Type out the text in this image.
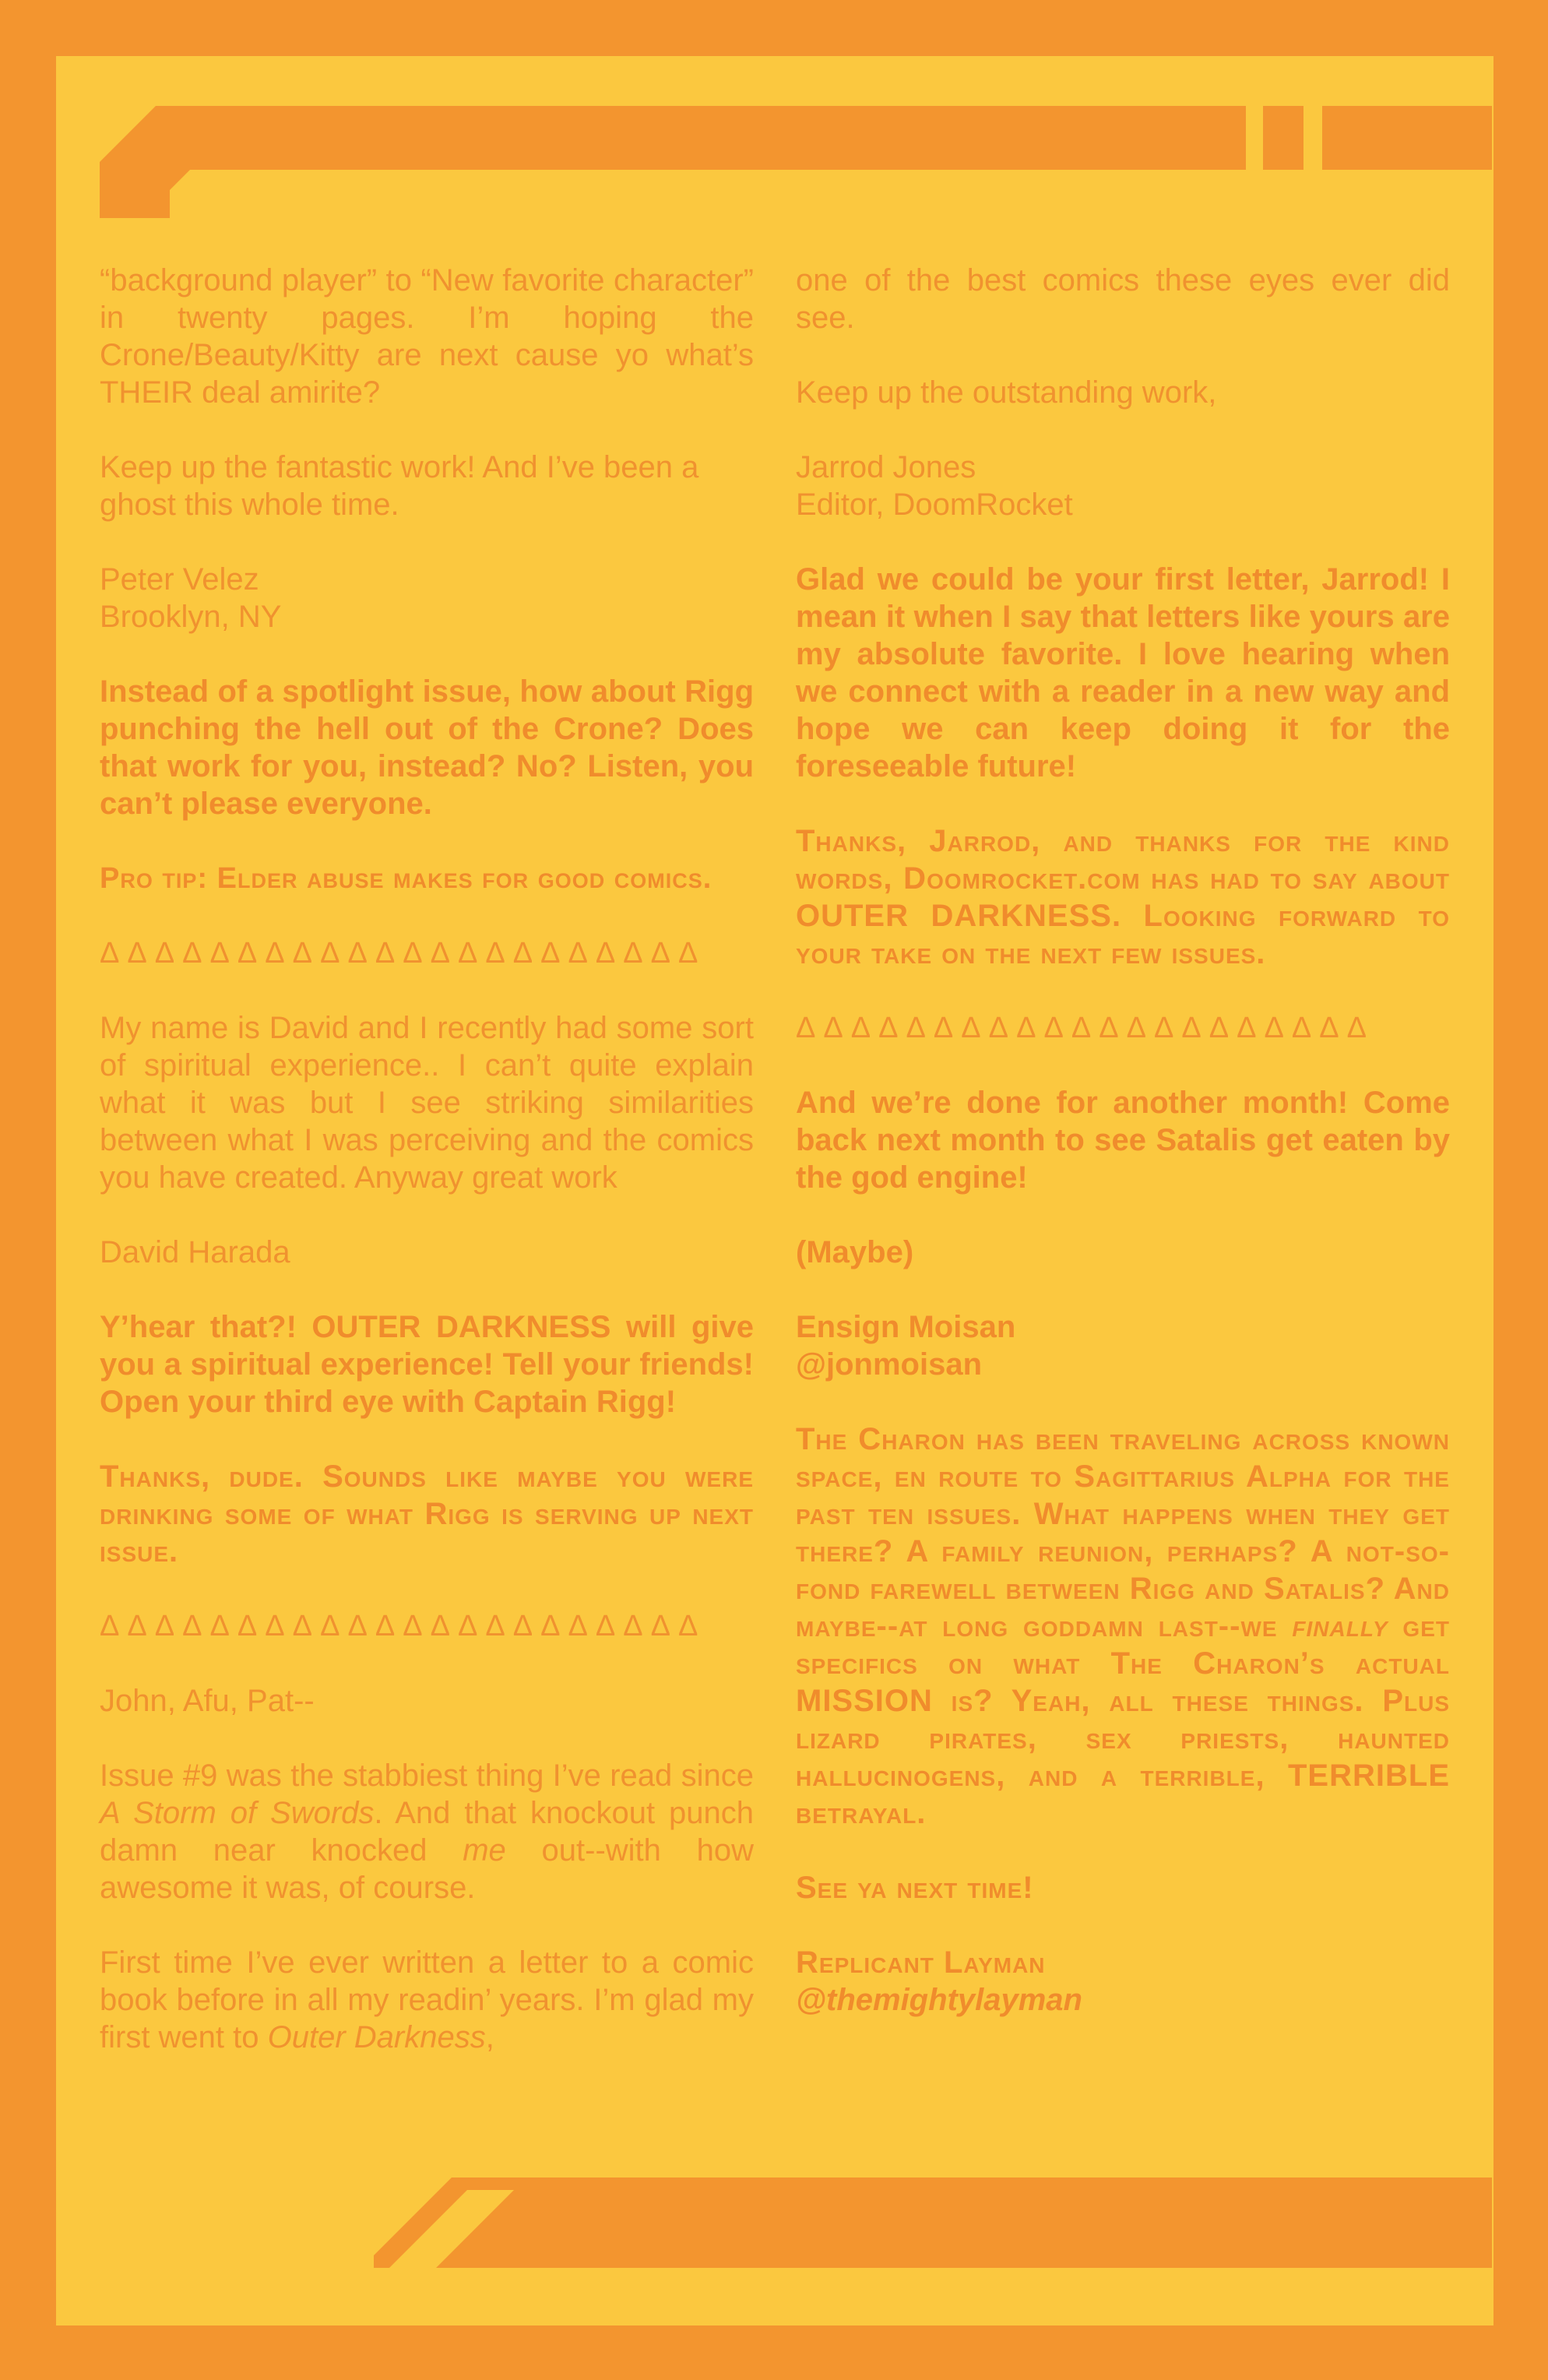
“background player” to “New favorite character” in twenty pages. I’m hoping the Crone/Beauty/Kitty are next cause yo what’s THEIR deal amirite?

Keep up the fantastic work! And I’ve been a ghost this whole time.

Peter Velez
Brooklyn, NY

Instead of a spotlight issue, how about Rigg punching the hell out of the Crone? Does that work for you, instead? No? Listen, you can’t please everyone.

Pro tip: Elder abuse makes for good comics.

ΔΔΔΔΔΔΔΔΔΔΔΔΔΔΔΔΔΔΔΔΔΔ

My name is David and I recently had some sort of spiritual experience.. I can’t quite explain what it was but I see striking similarities between what I was perceiving and the comics you have created. Anyway great work

David Harada

Y’hear that?! OUTER DARKNESS will give you a spiritual experience! Tell your friends! Open your third eye with Captain Rigg!

Thanks, dude. Sounds like maybe you were drinking some of what Rigg is serving up next issue.

ΔΔΔΔΔΔΔΔΔΔΔΔΔΔΔΔΔΔΔΔΔΔ

John, Afu, Pat--

Issue #9 was the stabbiest thing I’ve read since A Storm of Swords. And that knockout punch damn near knocked me out--with how awesome it was, of course.

First time I’ve ever written a letter to a comic book before in all my readin’ years. I’m glad my first went to Outer Darkness,

one of the best comics these eyes ever did see.

Keep up the outstanding work,

Jarrod Jones
Editor, DoomRocket

Glad we could be your first letter, Jarrod! I mean it when I say that letters like yours are my absolute favorite. I love hearing when we connect with a reader in a new way and hope we can keep doing it for the foreseeable future!

Thanks, Jarrod, and thanks for the kind words, Doomrocket.com has had to say about OUTER DARKNESS. Looking forward to your take on the next few issues.

ΔΔΔΔΔΔΔΔΔΔΔΔΔΔΔΔΔΔΔΔΔ

And we’re done for another month! Come back next month to see Satalis get eaten by the god engine!

(Maybe)

Ensign Moisan
@jonmoisan

The Charon has been traveling across known space, en route to Sagittarius Alpha for the past ten issues. What happens when they get there? A family reunion, perhaps? A not-so-fond farewell between Rigg and Satalis? And maybe--at long goddamn last--we finally get specifics on what The Charon’s actual MISSION is? Yeah, all these things. Plus lizard pirates, sex priests, haunted hallucinogens, and a terrible, TERRIBLE betrayal.

See ya next time!

Replicant Layman
@themightylayman
